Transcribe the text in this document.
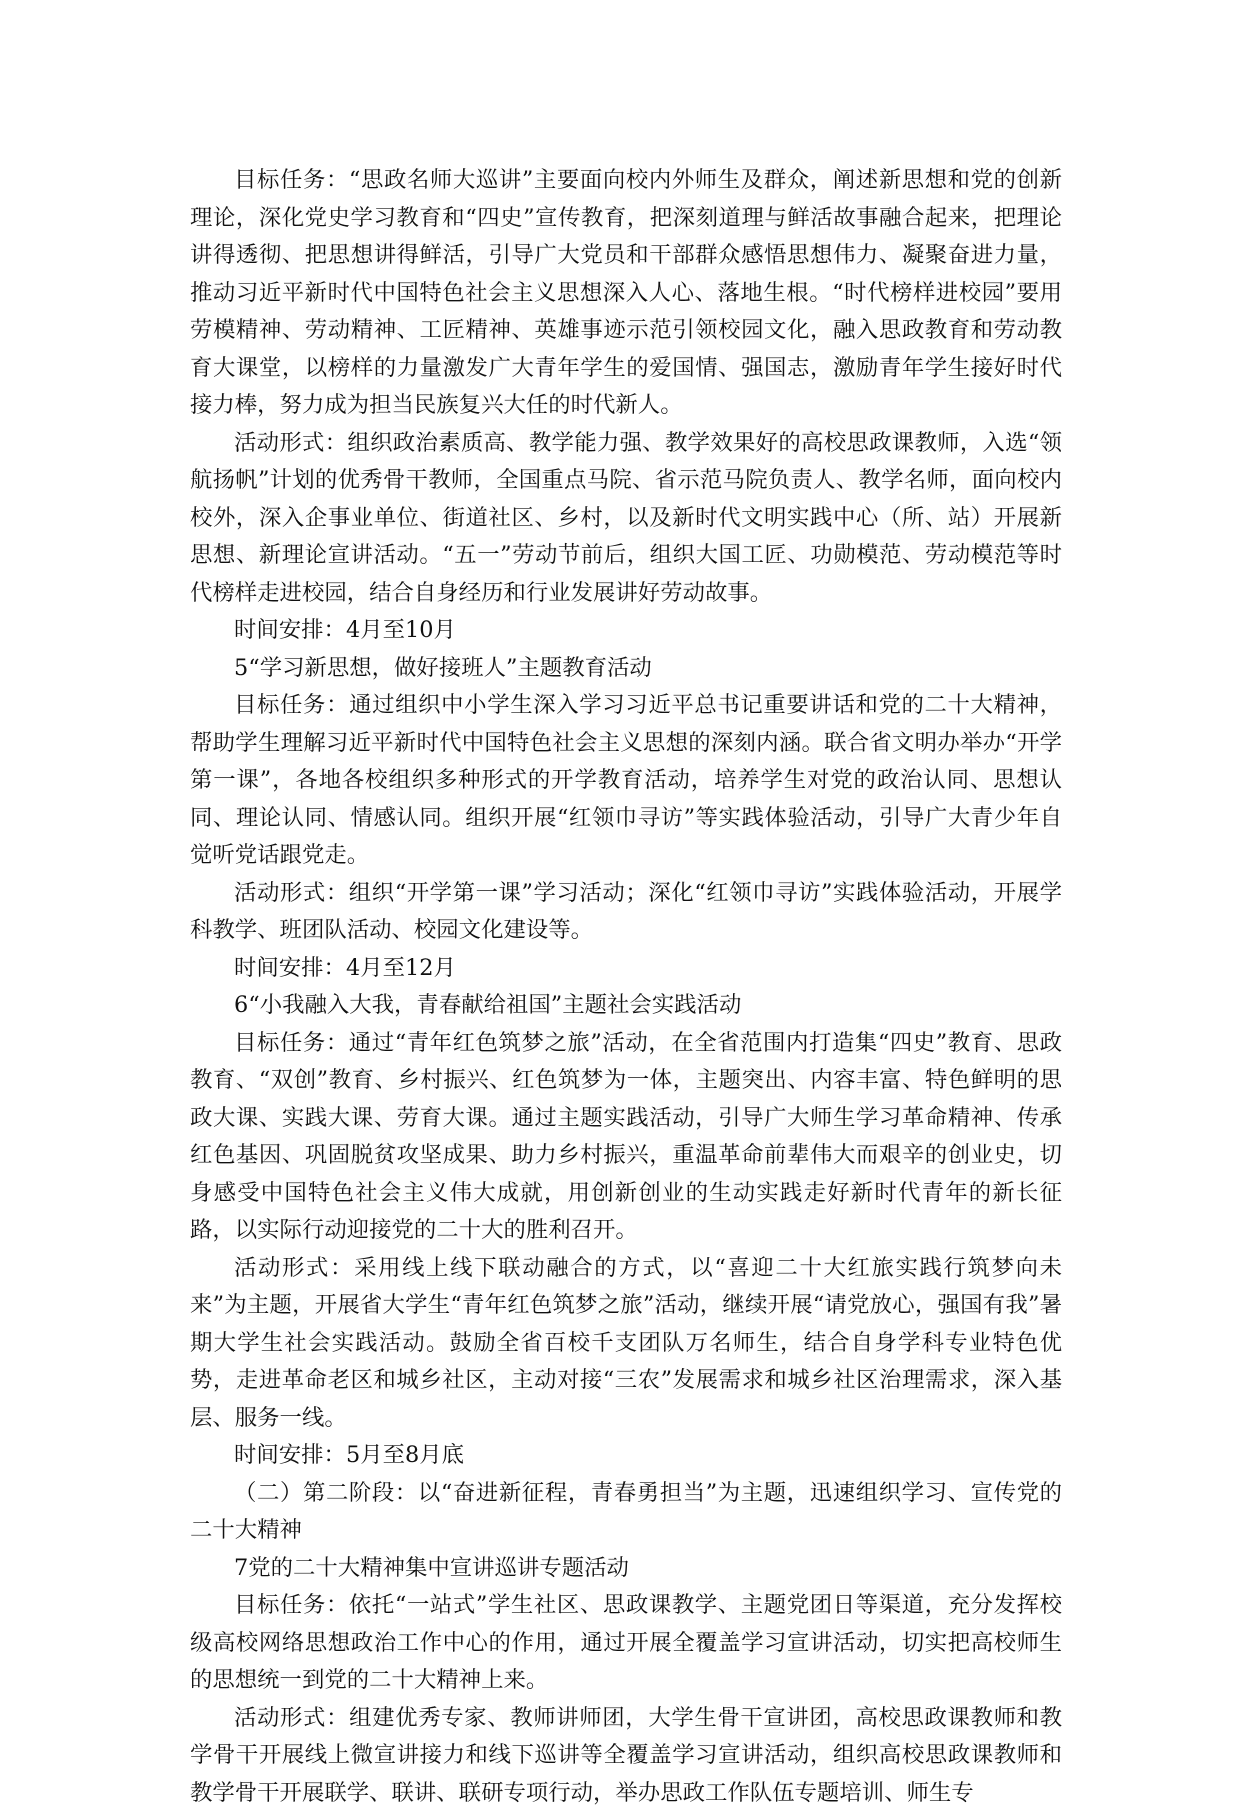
目标任务：“思政名师大巡讲”主要面向校内外师生及群众，阐述新思想和党的创新理论，深化党史学习教育和“四史”宣传教育，把深刻道理与鲜活故事融合起来，把理论讲得透彻、把思想讲得鲜活，引导广大党员和干部群众感悟思想伟力、凝聚奋进力量，推动习近平新时代中国特色社会主义思想深入人心、落地生根。“时代榜样进校园”要用劳模精神、劳动精神、工匠精神、英雄事迹示范引领校园文化，融入思政教育和劳动教育大课堂，以榜样的力量激发广大青年学生的爱国情、强国志，激励青年学生接好时代接力棒，努力成为担当民族复兴大任的时代新人。

活动形式：组织政治素质高、教学能力强、教学效果好的高校思政课教师，入选“领航扬帆”计划的优秀骨干教师，全国重点马院、省示范马院负责人、教学名师，面向校内校外，深入企事业单位、街道社区、乡村，以及新时代文明实践中心（所、站）开展新思想、新理论宣讲活动。“五一”劳动节前后，组织大国工匠、功勋模范、劳动模范等时代榜样走进校园，结合自身经历和行业发展讲好劳动故事。

时间安排：4月至10月

5“学习新思想，做好接班人”主题教育活动

目标任务：通过组织中小学生深入学习习近平总书记重要讲话和党的二十大精神，帮助学生理解习近平新时代中国特色社会主义思想的深刻内涵。联合省文明办举办“开学第一课”，各地各校组织多种形式的开学教育活动，培养学生对党的政治认同、思想认同、理论认同、情感认同。组织开展“红领巾寻访”等实践体验活动，引导广大青少年自觉听党话跟党走。

活动形式：组织“开学第一课”学习活动；深化“红领巾寻访”实践体验活动，开展学科教学、班团队活动、校园文化建设等。

时间安排：4月至12月

6“小我融入大我，青春献给祖国”主题社会实践活动

目标任务：通过“青年红色筑梦之旅”活动，在全省范围内打造集“四史”教育、思政教育、“双创”教育、乡村振兴、红色筑梦为一体，主题突出、内容丰富、特色鲜明的思政大课、实践大课、劳育大课。通过主题实践活动，引导广大师生学习革命精神、传承红色基因、巩固脱贫攻坚成果、助力乡村振兴，重温革命前辈伟大而艰辛的创业史，切身感受中国特色社会主义伟大成就，用创新创业的生动实践走好新时代青年的新长征路，以实际行动迎接党的二十大的胜利召开。

活动形式：采用线上线下联动融合的方式，以“喜迎二十大红旅实践行筑梦向未来”为主题，开展省大学生“青年红色筑梦之旅”活动，继续开展“请党放心，强国有我”暑期大学生社会实践活动。鼓励全省百校千支团队万名师生，结合自身学科专业特色优势，走进革命老区和城乡社区，主动对接“三农”发展需求和城乡社区治理需求，深入基层、服务一线。

时间安排：5月至8月底

（二）第二阶段：以“奋进新征程，青春勇担当”为主题，迅速组织学习、宣传党的二十大精神

7党的二十大精神集中宣讲巡讲专题活动

目标任务：依托“一站式”学生社区、思政课教学、主题党团日等渠道，充分发挥校级高校网络思想政治工作中心的作用，通过开展全覆盖学习宣讲活动，切实把高校师生的思想统一到党的二十大精神上来。

活动形式：组建优秀专家、教师讲师团，大学生骨干宣讲团，高校思政课教师和教学骨干开展线上微宣讲接力和线下巡讲等全覆盖学习宣讲活动，组织高校思政课教师和教学骨干开展联学、联讲、联研专项行动，举办思政工作队伍专题培训、师生专
